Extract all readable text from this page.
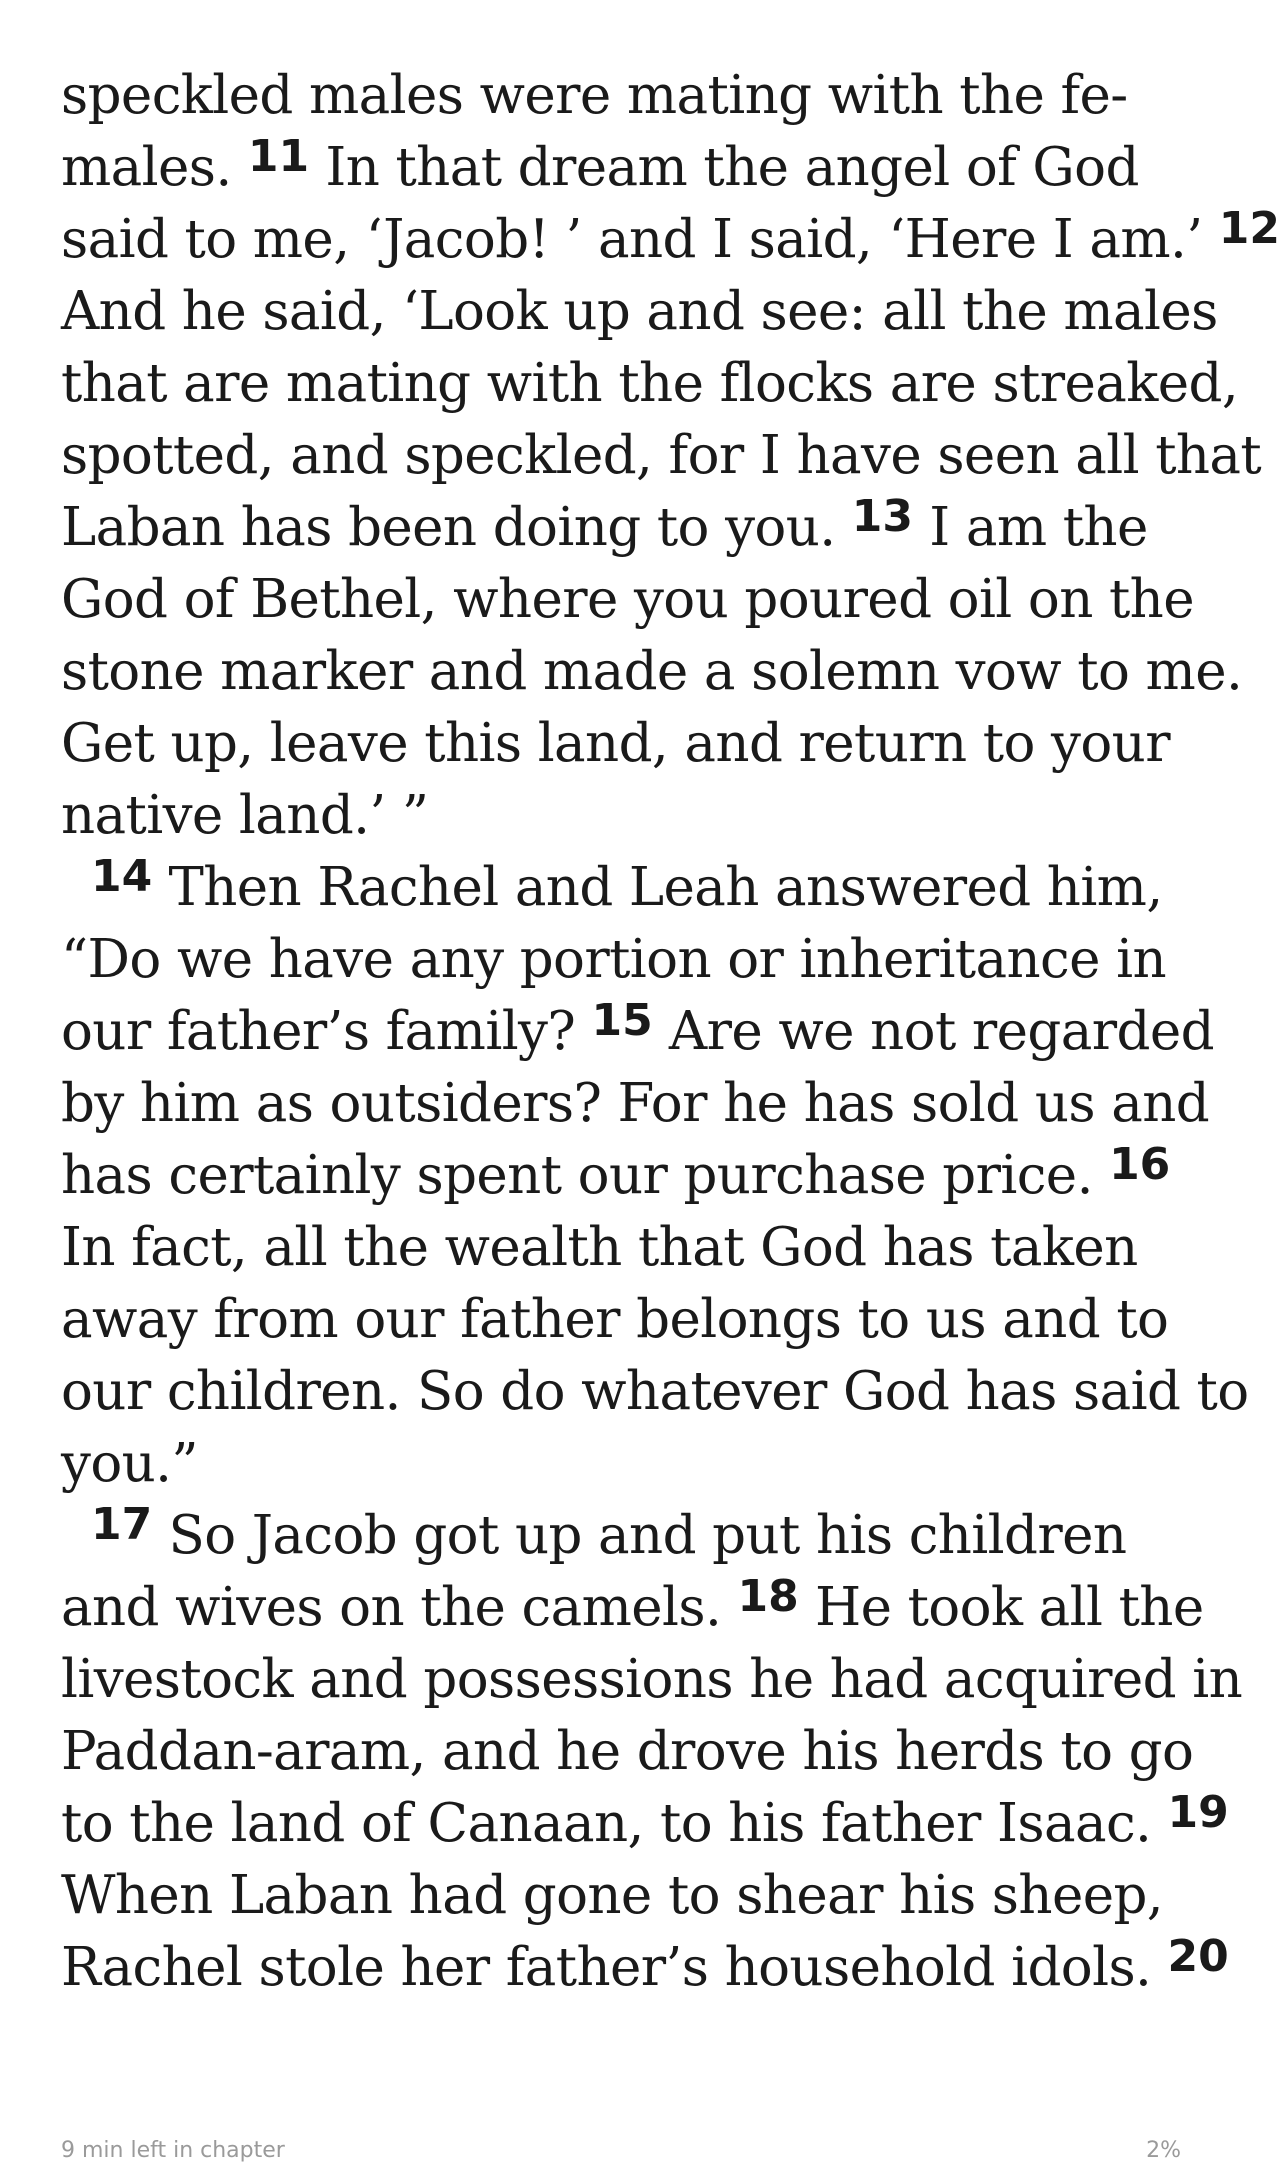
speckled males were mating with the fe-
males. $^{11}$ In that dream the angel of God
said to me, ‘Jacob! ’ and I said, ‘Here I am.’ $^{12}$
And he said, ‘Look up and see: all the males
that are mating with the flocks are streaked,
spotted, and speckled, for I have seen all that
Laban has been doing to you. $^{13}$ I am the
God of Bethel, where you poured oil on the
stone marker and made a solemn vow to me.
Get up, leave this land, and return to your
native land.’ ”
$^{14}$ Then Rachel and Leah answered him,
“Do we have any portion or inheritance in
our father’s family? $^{15}$ Are we not regarded
by him as outsiders? For he has sold us and
has certainly spent our purchase price. $^{16}$
In fact, all the wealth that God has taken
away from our father belongs to us and to
our children. So do whatever God has said to
you.”
$^{17}$ So Jacob got up and put his children
and wives on the camels. $^{18}$ He took all the
livestock and possessions he had acquired in
Paddan-aram, and he drove his herds to go
to the land of Canaan, to his father Isaac. $^{19}$
When Laban had gone to shear his sheep,
Rachel stole her father’s household idols. $^{20}$
9 min left in chapter	2%
